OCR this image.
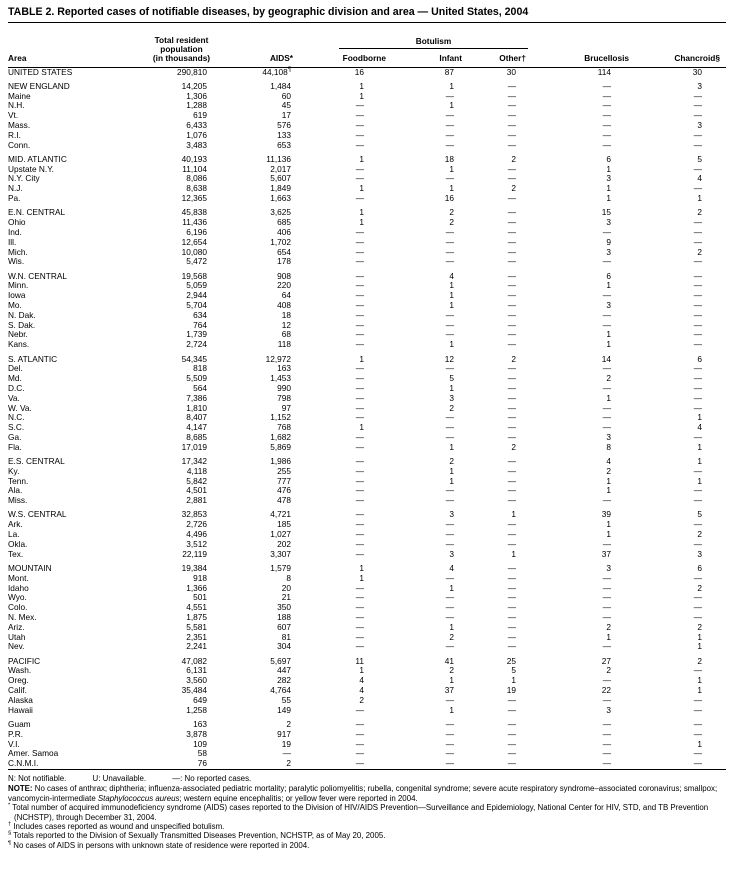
TABLE 2. Reported cases of notifiable diseases, by geographic division and area — United States, 2004
Area	Total resident
population
(in thousands)	AIDS*	Botulism			Brucellosis	Chancroid§
			Foodborne	Infant	Other†		
UNITED STATES	290,810	44,108¶	16	87	30	114	30

NEW ENGLAND	14,205	1,484	1	1	—	—	3
Maine	1,306	60	1	—	—	—	—
N.H.	1,288	45	—	1	—	—	—
Vt.	619	17	—	—	—	—	—
Mass.	6,433	576	—	—	—	—	3
R.I.	1,076	133	—	—	—	—	—
Conn.	3,483	653	—	—	—	—	—

MID. ATLANTIC	40,193	11,136	1	18	2	6	5
Upstate N.Y.	11,104	2,017	—	1	—	1	—
N.Y. City	8,086	5,607	—	—	—	3	4
N.J.	8,638	1,849	1	1	2	1	—
Pa.	12,365	1,663	—	16	—	1	1

E.N. CENTRAL	45,838	3,625	1	2	—	15	2
Ohio	11,436	685	1	2	—	3	—
Ind.	6,196	406	—	—	—	—	—
Ill.	12,654	1,702	—	—	—	9	—
Mich.	10,080	654	—	—	—	3	2
Wis.	5,472	178	—	—	—	—	—

W.N. CENTRAL	19,568	908	—	4	—	6	—
Minn.	5,059	220	—	1	—	1	—
Iowa	2,944	64	—	1	—	—	—
Mo.	5,704	408	—	1	—	3	—
N. Dak.	634	18	—	—	—	—	—
S. Dak.	764	12	—	—	—	—	—
Nebr.	1,739	68	—	—	—	1	—
Kans.	2,724	118	—	1	—	1	—

S. ATLANTIC	54,345	12,972	1	12	2	14	6
Del.	818	163	—	—	—	—	—
Md.	5,509	1,453	—	5	—	2	—
D.C.	564	990	—	1	—	—	—
Va.	7,386	798	—	3	—	1	—
W. Va.	1,810	97	—	2	—	—	—
N.C.	8,407	1,152	—	—	—	—	1
S.C.	4,147	768	1	—	—	—	4
Ga.	8,685	1,682	—	—	—	3	—
Fla.	17,019	5,869	—	1	2	8	1

E.S. CENTRAL	17,342	1,986	—	2	—	4	1
Ky.	4,118	255	—	1	—	2	—
Tenn.	5,842	777	—	1	—	1	1
Ala.	4,501	476	—	—	—	1	—
Miss.	2,881	478	—	—	—	—	—

W.S. CENTRAL	32,853	4,721	—	3	1	39	5
Ark.	2,726	185	—	—	—	1	—
La.	4,496	1,027	—	—	—	1	2
Okla.	3,512	202	—	—	—	—	—
Tex.	22,119	3,307	—	3	1	37	3

MOUNTAIN	19,384	1,579	1	4	—	3	6
Mont.	918	8	1	—	—	—	—
Idaho	1,366	20	—	1	—	—	2
Wyo.	501	21	—	—	—	—	—
Colo.	4,551	350	—	—	—	—	—
N. Mex.	1,875	188	—	—	—	—	—
Ariz.	5,581	607	—	1	—	2	2
Utah	2,351	81	—	2	—	1	1
Nev.	2,241	304	—	—	—	—	1

PACIFIC	47,082	5,697	11	41	25	27	2
Wash.	6,131	447	1	2	5	2	—
Oreg.	3,560	282	4	1	1	—	1
Calif.	35,484	4,764	4	37	19	22	1
Alaska	649	55	2	—	—	—	—
Hawaii	1,258	149	—	1	—	3	—

Guam	163	2	—	—	—	—	—
P.R.	3,878	917	—	—	—	—	—
V.I.	109	19	—	—	—	—	1
Amer. Samoa	58	—	—	—	—	—	—
C.N.M.I.	76	2	—	—	—	—	—
N: Not notifiable.	U: Unavailable.	—: No reported cases.
NOTE: No cases of anthrax; diphtheria; influenza-associated pediatric mortality; paralytic poliomyelitis; rubella, congenital syndrome; severe acute respiratory syndrome–associated coronavirus; smallpox; vancomycin-intermediate Staphylococcus aureus; western equine encephalitis; or yellow fever were reported in 2004.
* Total number of acquired immunodeficiency syndrome (AIDS) cases reported to the Division of HIV/AIDS Prevention—Surveillance and Epidemiology, National Center for HIV, STD, and TB Prevention (NCHSTP), through December 31, 2004.
† Includes cases reported as wound and unspecified botulism.
§ Totals reported to the Division of Sexually Transmitted Diseases Prevention, NCHSTP, as of May 20, 2005.
¶ No cases of AIDS in persons with unknown state of residence were reported in 2004.
